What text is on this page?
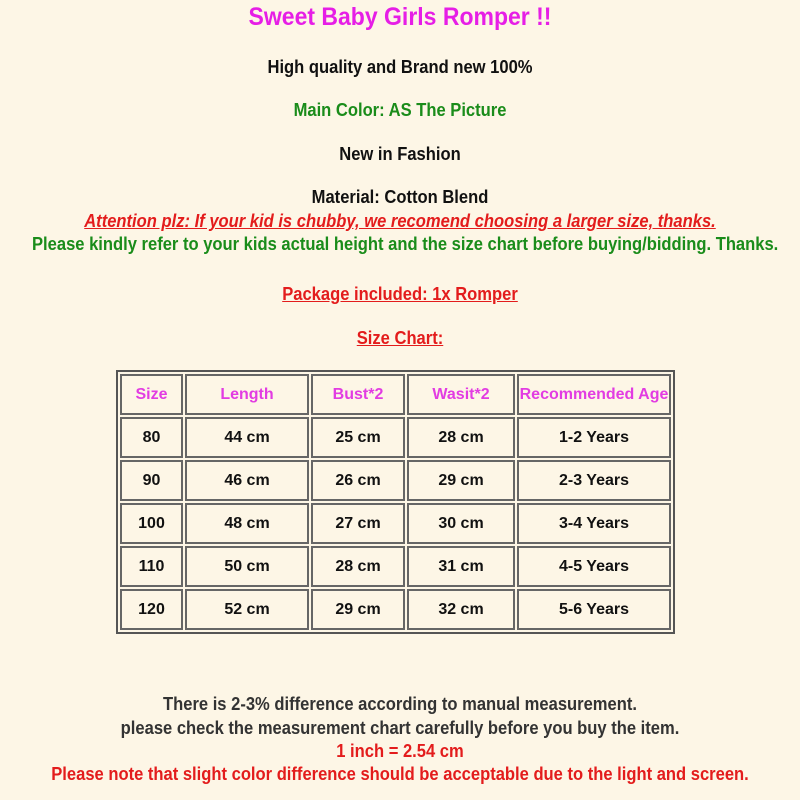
Sweet Baby Girls Romper !!
High quality and Brand new 100%
Main Color: AS The Picture
New in Fashion
Material: Cotton Blend
Attention plz: If your kid is chubby, we recomend choosing a larger size, thanks.
Please kindly refer to your kids actual height and the size chart before buying/bidding. Thanks.
Package included: 1x Romper
Size Chart:
Size	Length	Bust*2	Wasit*2	Recommended Age
80	44 cm	25 cm	28 cm	1-2 Years
90	46 cm	26 cm	29 cm	2-3 Years
100	48 cm	27 cm	30 cm	3-4 Years
110	50 cm	28 cm	31 cm	4-5 Years
120	52 cm	29 cm	32 cm	5-6 Years
There is 2-3% difference according to manual measurement.
please check the measurement chart carefully before you buy the item.
1 inch = 2.54 cm
Please note that slight color difference should be acceptable due to the light and screen.
